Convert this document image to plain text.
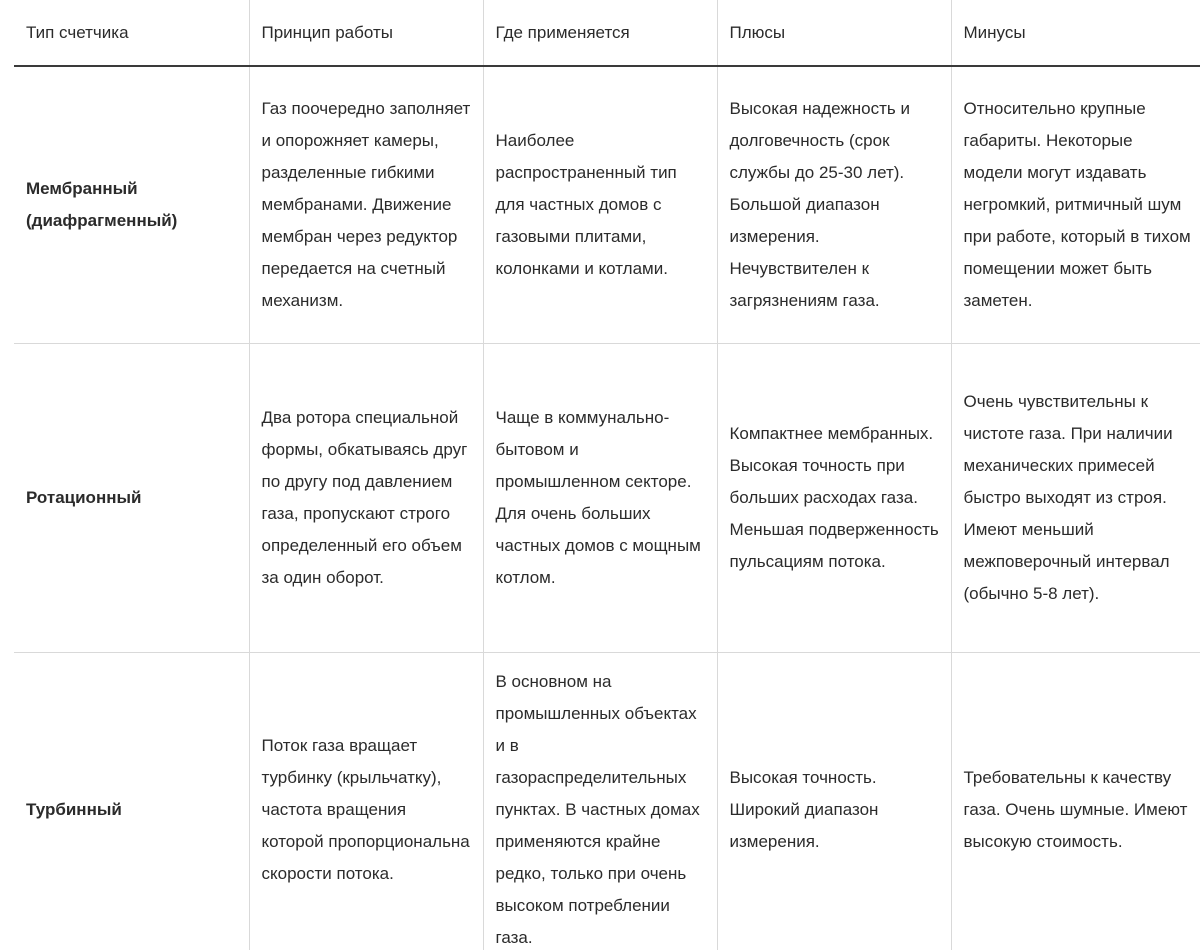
Тип счетчика	Принцип работы	Где применяется	Плюсы	Минусы
Мембранный (диафрагменный)	Газ поочередно заполняет и опорожняет камеры, разделенные гибкими мембранами. Движение мембран через редуктор передается на счетный механизм.	Наиболее распространенный тип для частных домов с газовыми плитами, колонками и котлами.	Высокая надежность и долговечность (срок службы до 25-30 лет). Большой диапазон измерения. Нечувствителен к загрязнениям газа.	Относительно крупные габариты. Некоторые модели могут издавать негромкий, ритмичный шум при работе, который в тихом помещении может быть заметен.
Ротационный	Два ротора специальной формы, обкатываясь друг по другу под давлением газа, пропускают строго определенный его объем за один оборот.	Чаще в коммунально-бытовом и промышленном секторе. Для очень больших частных домов с мощным котлом.	Компактнее мембранных. Высокая точность при больших расходах газа. Меньшая подверженность пульсациям потока.	Очень чувствительны к чистоте газа. При наличии механических примесей быстро выходят из строя. Имеют меньший межповерочный интервал (обычно 5-8 лет).
Турбинный	Поток газа вращает турбинку (крыльчатку), частота вращения которой пропорциональна скорости потока.	В основном на промышленных объектах и в газораспределительных пунктах. В частных домах применяются крайне редко, только при очень высоком потреблении газа.	Высокая точность. Широкий диапазон измерения.	Требовательны к качеству газа. Очень шумные. Имеют высокую стоимость.
